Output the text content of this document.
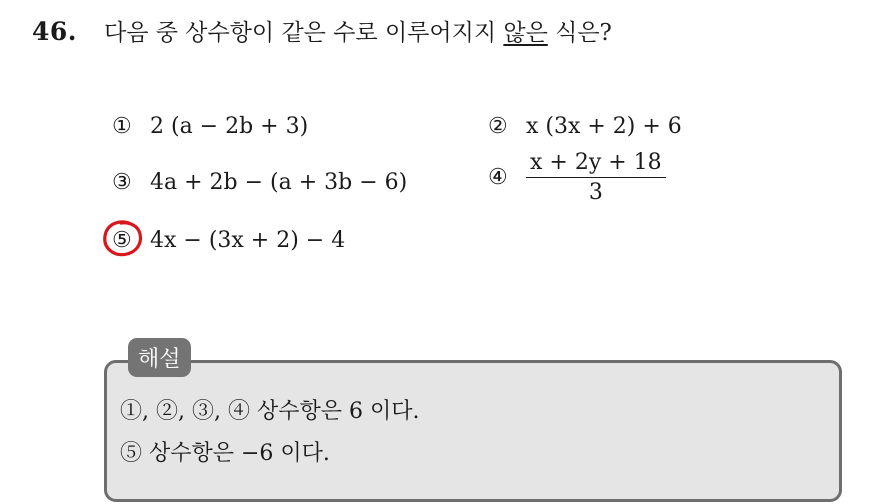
46.	다음 중 상수항이 같은 수로 이루어지지 않은 식은?
① 2 (a − 2b + 3)	② x (3x + 2) + 6
③ 4a + 2b − (a + 3b − 6)	④ $\frac{x + 2y + 18}{3}$
⑤ 4x − (3x + 2) − 4
해설
①, ②, ③, ④ 상수항은 6 이다.
⑤ 상수항은 −6 이다.
